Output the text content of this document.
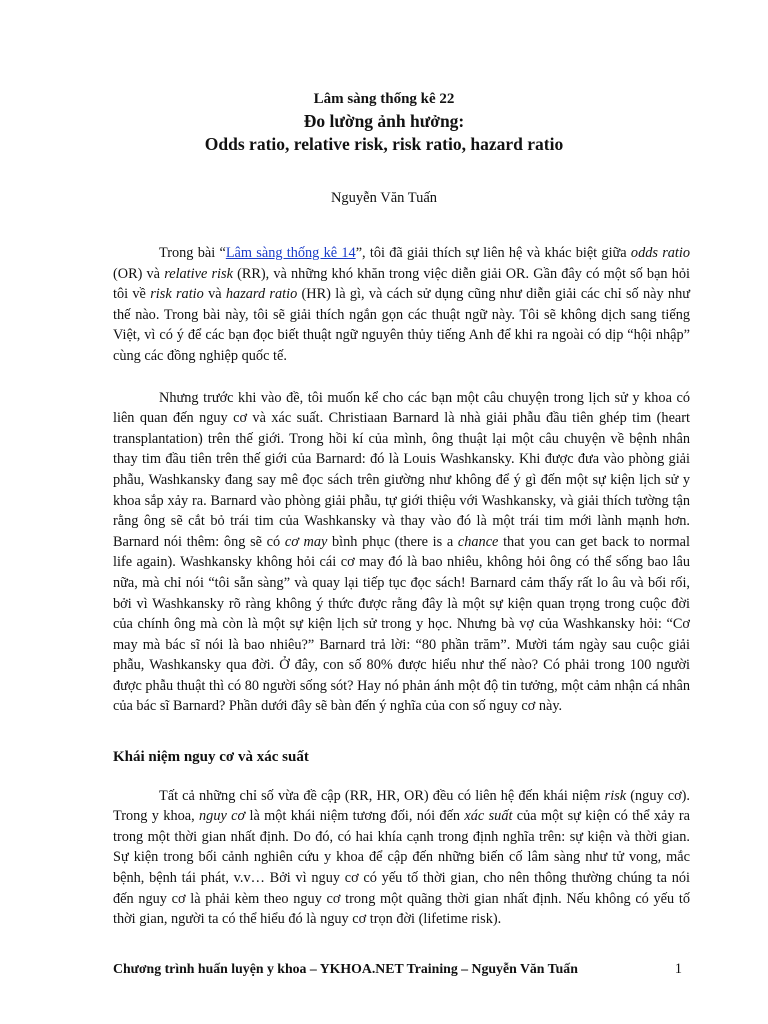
Lâm sàng thống kê 22
Đo lường ảnh hưởng:
Odds ratio, relative risk, risk ratio, hazard ratio
Nguyễn Văn Tuấn

Trong bài “Lâm sàng thống kê 14”, tôi đã giải thích sự liên hệ và khác biệt giữa odds ratio (OR) và relative risk (RR), và những khó khăn trong việc diễn giải OR. Gần đây có một số bạn hỏi tôi về risk ratio và hazard ratio (HR) là gì, và cách sử dụng cũng như diễn giải các chỉ số này như thế nào. Trong bài này, tôi sẽ giải thích ngắn gọn các thuật ngữ này. Tôi sẽ không dịch sang tiếng Việt, vì có ý để các bạn đọc biết thuật ngữ nguyên thủy tiếng Anh để khi ra ngoài có dịp “hội nhập” cùng các đồng nghiệp quốc tế.

Nhưng trước khi vào đề, tôi muốn kể cho các bạn một câu chuyện trong lịch sử y khoa có liên quan đến nguy cơ và xác suất. Christiaan Barnard là nhà giải phẫu đầu tiên ghép tim (heart transplantation) trên thế giới. Trong hồi kí của mình, ông thuật lại một câu chuyện về bệnh nhân thay tim đầu tiên trên thế giới của Barnard: đó là Louis Washkansky. Khi được đưa vào phòng giải phẫu, Washkansky đang say mê đọc sách trên giường như không để ý gì đến một sự kiện lịch sử y khoa sắp xảy ra. Barnard vào phòng giải phẫu, tự giới thiệu với Washkansky, và giải thích tường tận rằng ông sẽ cắt bỏ trái tim của Washkansky và thay vào đó là một trái tim mới lành mạnh hơn. Barnard nói thêm: ông sẽ có cơ may bình phục (there is a chance that you can get back to normal life again). Washkansky không hỏi cái cơ may đó là bao nhiêu, không hỏi ông có thể sống bao lâu nữa, mà chỉ nói “tôi sẵn sàng” và quay lại tiếp tục đọc sách! Barnard cảm thấy rất lo âu và bối rối, bởi vì Washkansky rõ ràng không ý thức được rằng đây là một sự kiện quan trọng trong cuộc đời của chính ông mà còn là một sự kiện lịch sử trong y học. Nhưng bà vợ của Washkansky hỏi: “Cơ may mà bác sĩ nói là bao nhiêu?” Barnard trả lời: “80 phần trăm”. Mười tám ngày sau cuộc giải phẫu, Washkansky qua đời. Ở đây, con số 80% được hiểu như thế nào? Có phải trong 100 người được phẫu thuật thì có 80 người sống sót? Hay nó phản ánh một độ tin tưởng, một cảm nhận cá nhân của bác sĩ Barnard? Phần dưới đây sẽ bàn đến ý nghĩa của con số nguy cơ này.

Khái niệm nguy cơ và xác suất

Tất cả những chỉ số vừa đề cập (RR, HR, OR) đều có liên hệ đến khái niệm risk (nguy cơ). Trong y khoa, nguy cơ là một khái niệm tương đối, nói đến xác suất của một sự kiện có thể xảy ra trong một thời gian nhất định. Do đó, có hai khía cạnh trong định nghĩa trên: sự kiện và thời gian. Sự kiện trong bối cảnh nghiên cứu y khoa để cập đến những biến cố lâm sàng như tử vong, mắc bệnh, bệnh tái phát, v.v… Bởi vì nguy cơ có yếu tố thời gian, cho nên thông thường chúng ta nói đến nguy cơ là phải kèm theo nguy cơ trong một quãng thời gian nhất định. Nếu không có yếu tố thời gian, người ta có thể hiểu đó là nguy cơ trọn đời (lifetime risk).

Chương trình huấn luyện y khoa – YKHOA.NET Training – Nguyễn Văn Tuấn	1
